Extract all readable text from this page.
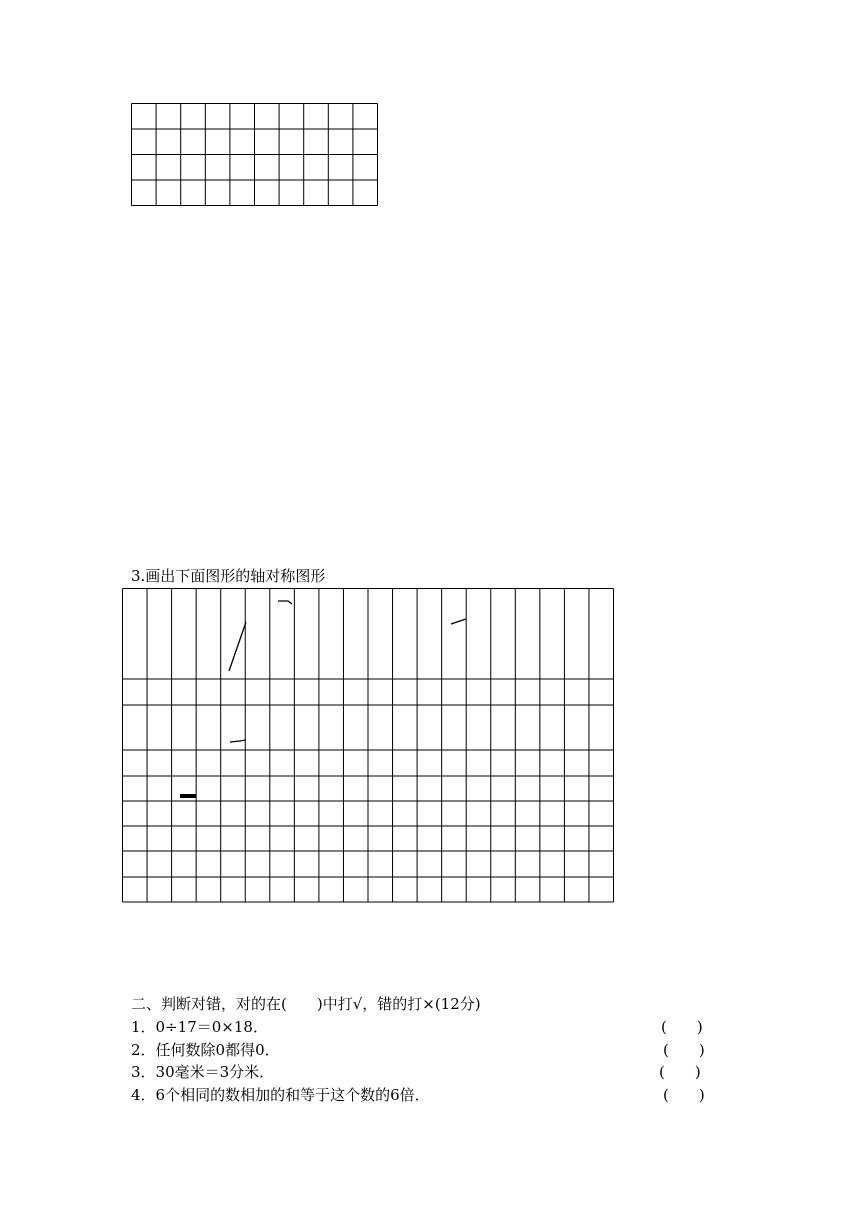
3.画出下面图形的轴对称图形
二、判断对错，对的在(　　)中打√，错的打×(12分)
1．0÷17＝0×18．	(　　)
2．任何数除0都得0．	(　　)
3．30毫米＝3分米．	(　　)
4．6个相同的数相加的和等于这个数的6倍．	(　　)
